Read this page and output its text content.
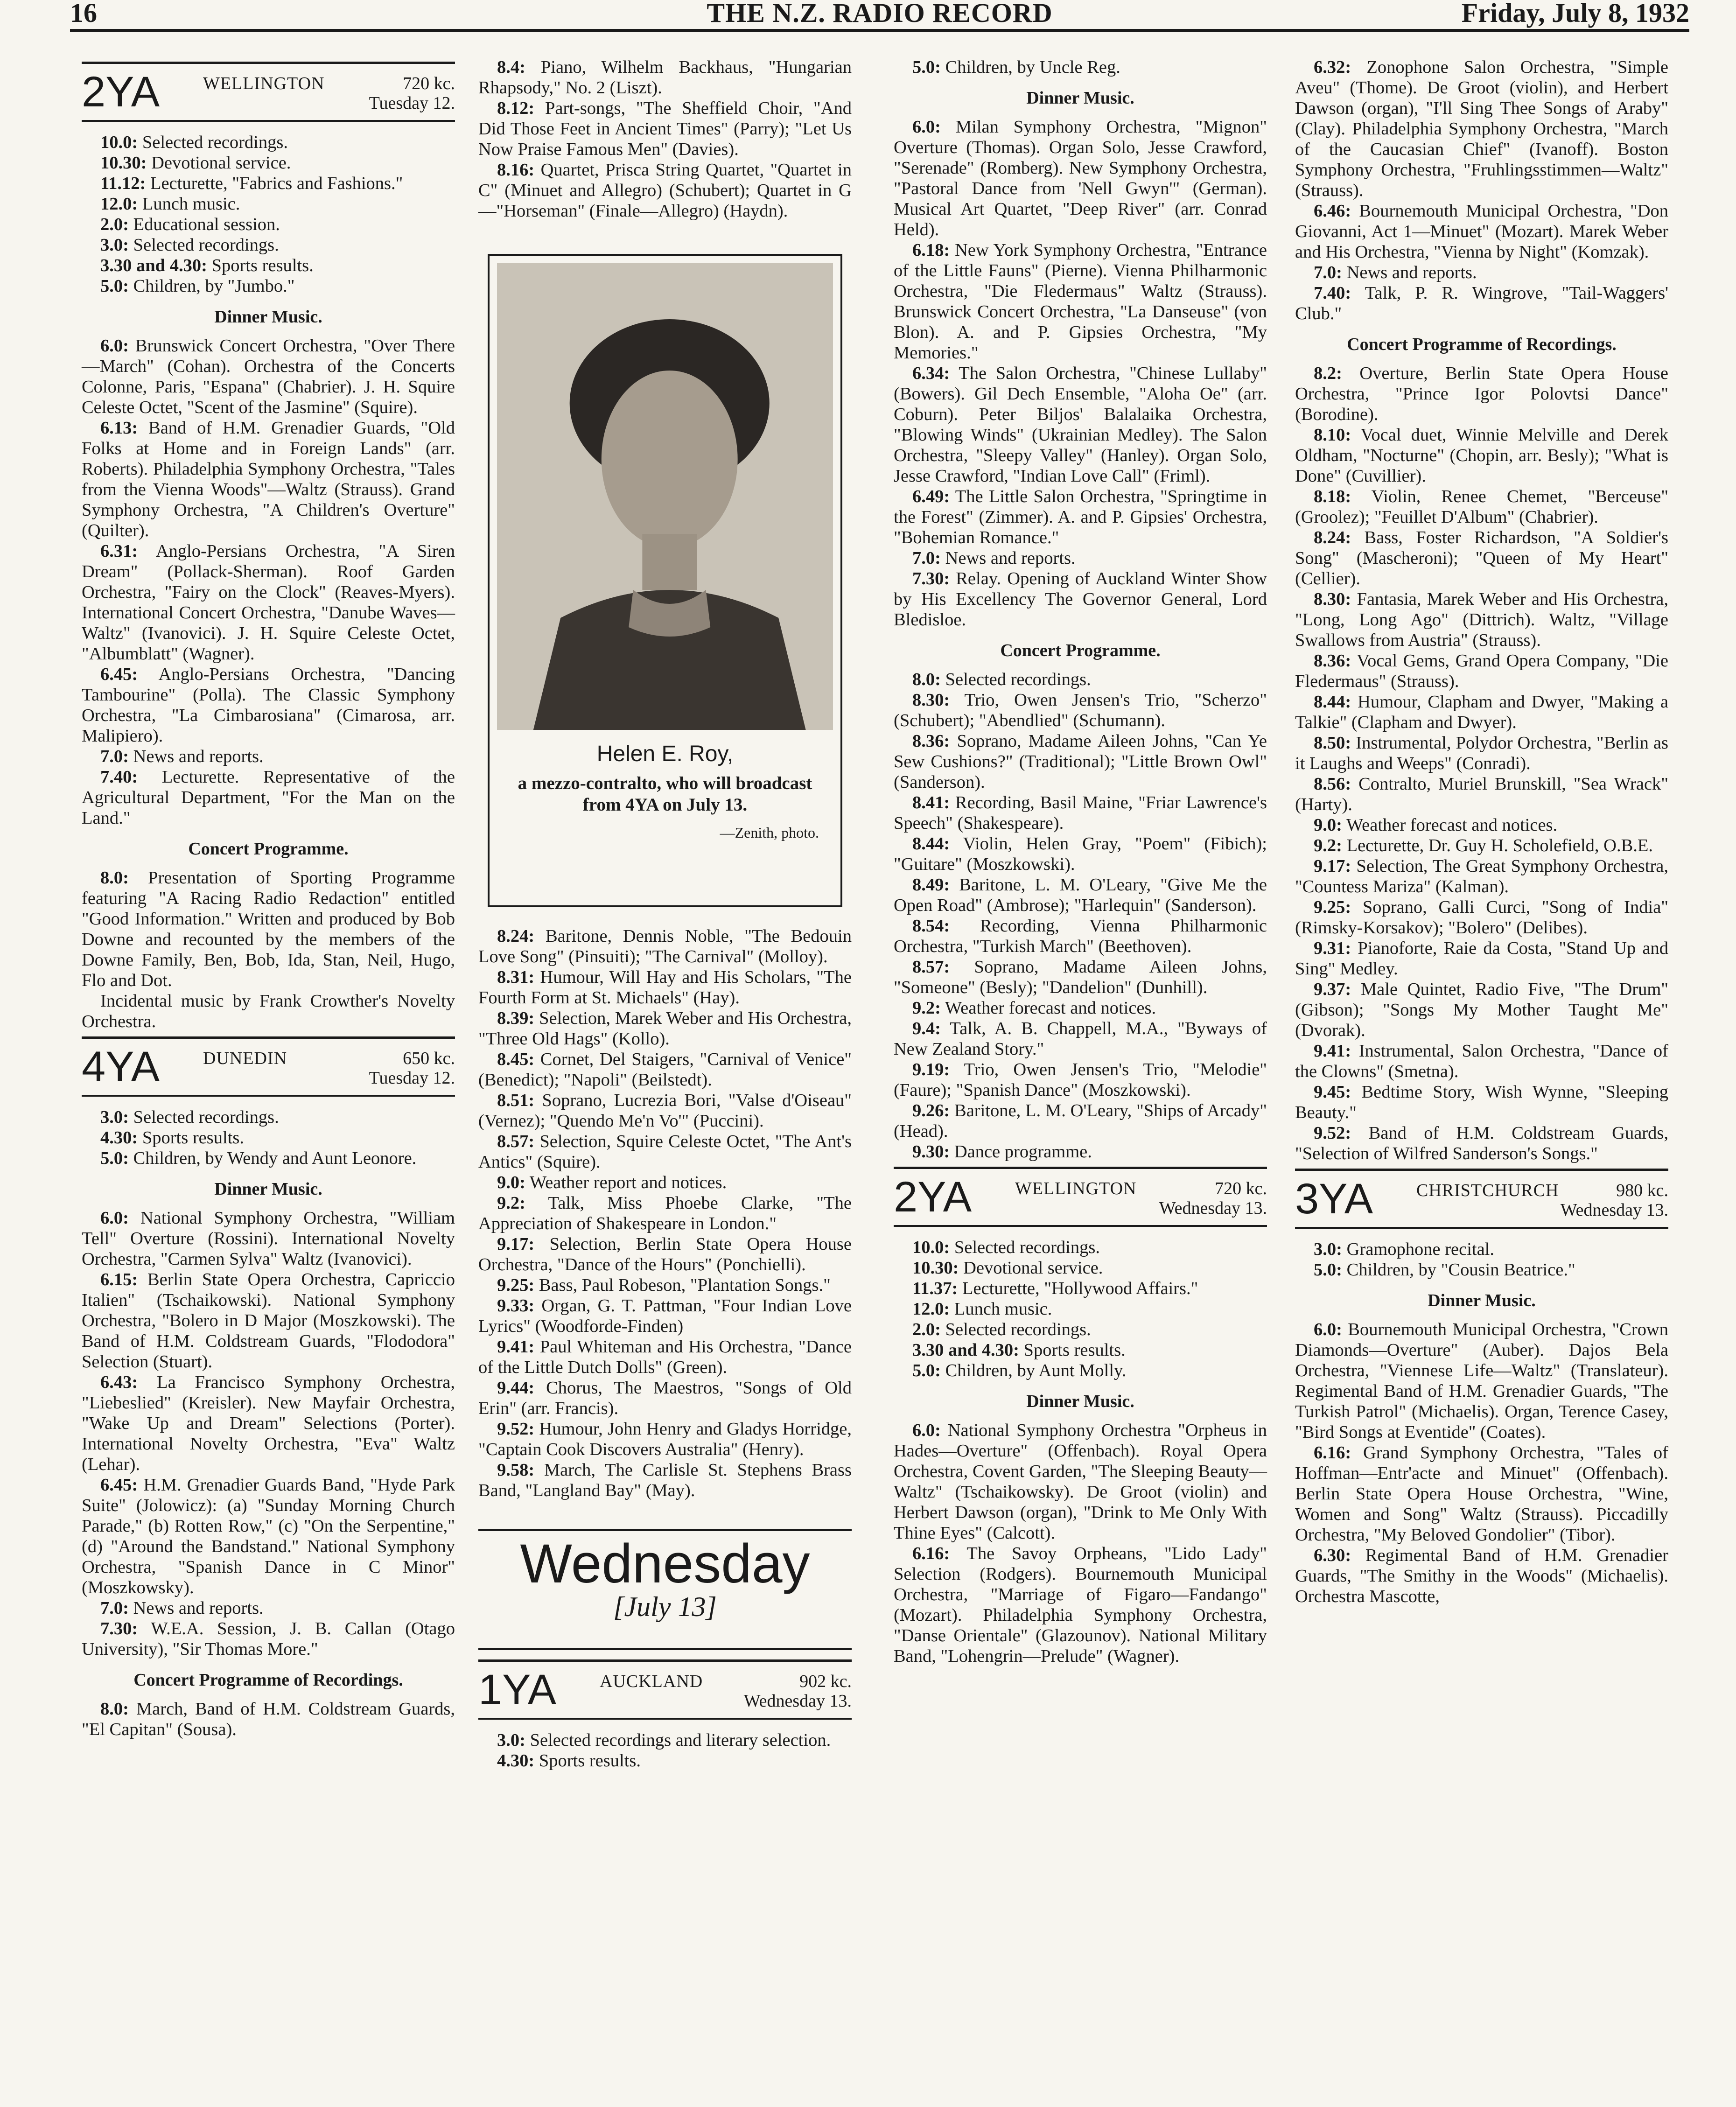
16	THE N.Z. RADIO RECORD	Friday, July 8, 1932
2YA WELLINGTON	720 kc.
Tuesday 12.

10.0: Selected recordings.

10.30: Devotional service.

11.12: Lecturette, "Fabrics and Fashions."

12.0: Lunch music.

2.0: Educational session.

3.0: Selected recordings.

3.30 and 4.30: Sports results.

5.0: Children, by "Jumbo."

Dinner Music.

6.0: Brunswick Concert Orchestra, "Over There—March" (Cohan). Orchestra of the Concerts Colonne, Paris, "Espana" (Chabrier). J. H. Squire Celeste Octet, "Scent of the Jasmine" (Squire).

6.13: Band of H.M. Grenadier Guards, "Old Folks at Home and in Foreign Lands" (arr. Roberts). Philadelphia Symphony Orchestra, "Tales from the Vienna Woods"—Waltz (Strauss). Grand Symphony Orchestra, "A Children's Overture" (Quilter).

6.31: Anglo-Persians Orchestra, "A Siren Dream" (Pollack-Sherman). Roof Garden Orchestra, "Fairy on the Clock" (Reaves-Myers). International Concert Orchestra, "Danube Waves—Waltz" (Ivanovici). J. H. Squire Celeste Octet, "Albumblatt" (Wagner).

6.45: Anglo-Persians Orchestra, "Dancing Tambourine" (Polla). The Classic Symphony Orchestra, "La Cimbarosiana" (Cimarosa, arr. Malipiero).

7.0: News and reports.

7.40: Lecturette. Representative of the Agricultural Department, "For the Man on the Land."

Concert Programme.

8.0: Presentation of Sporting Programme featuring "A Racing Radio Redaction" entitled "Good Information." Written and produced by Bob Downe and recounted by the members of the Downe Family, Ben, Bob, Ida, Stan, Neil, Hugo, Flo and Dot.

Incidental music by Frank Crowther's Novelty Orchestra.

4YA DUNEDIN	650 kc.
Tuesday 12.

3.0: Selected recordings.

4.30: Sports results.

5.0: Children, by Wendy and Aunt Leonore.

Dinner Music.

6.0: National Symphony Orchestra, "William Tell" Overture (Rossini). International Novelty Orchestra, "Carmen Sylva" Waltz (Ivanovici).

6.15: Berlin State Opera Orchestra, Capriccio Italien" (Tschaikowski). National Symphony Orchestra, "Bolero in D Major (Moszkowski). The Band of H.M. Coldstream Guards, "Flododora" Selection (Stuart).

6.43: La Francisco Symphony Orchestra, "Liebeslied" (Kreisler). New Mayfair Orchestra, "Wake Up and Dream" Selections (Porter). International Novelty Orchestra, "Eva" Waltz (Lehar).

6.45: H.M. Grenadier Guards Band, "Hyde Park Suite" (Jolowicz): (a) "Sunday Morning Church Parade," (b) Rotten Row," (c) "On the Serpentine," (d) "Around the Bandstand." National Symphony Orchestra, "Spanish Dance in C Minor" (Moszkowsky).

7.0: News and reports.

7.30: W.E.A. Session, J. B. Callan (Otago University), "Sir Thomas More."

Concert Programme of Recordings.

8.0: March, Band of H.M. Coldstream Guards, "El Capitan" (Sousa).

8.4: Piano, Wilhelm Backhaus, "Hungarian Rhapsody," No. 2 (Liszt).

8.12: Part-songs, "The Sheffield Choir, "And Did Those Feet in Ancient Times" (Parry); "Let Us Now Praise Famous Men" (Davies).

8.16: Quartet, Prisca String Quartet, "Quartet in C" (Minuet and Allegro) (Schubert); Quartet in G—"Horseman" (Finale—Allegro) (Haydn).

Helen E. Roy,
a mezzo-contralto, who will broadcast from 4YA on July 13.
—Zenith, photo.

8.24: Baritone, Dennis Noble, "The Bedouin Love Song" (Pinsuiti); "The Carnival" (Molloy).

8.31: Humour, Will Hay and His Scholars, "The Fourth Form at St. Michaels" (Hay).

8.39: Selection, Marek Weber and His Orchestra, "Three Old Hags" (Kollo).

8.45: Cornet, Del Staigers, "Carnival of Venice" (Benedict); "Napoli" (Beilstedt).

8.51: Soprano, Lucrezia Bori, "Valse d'Oiseau" (Vernez); "Quendo Me'n Vo'" (Puccini).

8.57: Selection, Squire Celeste Octet, "The Ant's Antics" (Squire).

9.0: Weather report and notices.

9.2: Talk, Miss Phoebe Clarke, "The Appreciation of Shakespeare in London."

9.17: Selection, Berlin State Opera House Orchestra, "Dance of the Hours" (Ponchielli).

9.25: Bass, Paul Robeson, "Plantation Songs."

9.33: Organ, G. T. Pattman, "Four Indian Love Lyrics" (Woodforde-Finden)

9.41: Paul Whiteman and His Orchestra, "Dance of the Little Dutch Dolls" (Green).

9.44: Chorus, The Maestros, "Songs of Old Erin" (arr. Francis).

9.52: Humour, John Henry and Gladys Horridge, "Captain Cook Discovers Australia" (Henry).

9.58: March, The Carlisle St. Stephens Brass Band, "Langland Bay" (May).

Wednesday
[July 13]
1YA AUCKLAND	902 kc.
Wednesday 13.

3.0: Selected recordings and literary selection.

4.30: Sports results.

5.0: Children, by Uncle Reg.

Dinner Music.

6.0: Milan Symphony Orchestra, "Mignon" Overture (Thomas). Organ Solo, Jesse Crawford, "Serenade" (Romberg). New Symphony Orchestra, "Pastoral Dance from 'Nell Gwyn'" (German). Musical Art Quartet, "Deep River" (arr. Conrad Held).

6.18: New York Symphony Orchestra, "Entrance of the Little Fauns" (Pierne). Vienna Philharmonic Orchestra, "Die Fledermaus" Waltz (Strauss). Brunswick Concert Orchestra, "La Danseuse" (von Blon). A. and P. Gipsies Orchestra, "My Memories."

6.34: The Salon Orchestra, "Chinese Lullaby" (Bowers). Gil Dech Ensemble, "Aloha Oe" (arr. Coburn). Peter Biljos' Balalaika Orchestra, "Blowing Winds" (Ukrainian Medley). The Salon Orchestra, "Sleepy Valley" (Hanley). Organ Solo, Jesse Crawford, "Indian Love Call" (Friml).

6.49: The Little Salon Orchestra, "Springtime in the Forest" (Zimmer). A. and P. Gipsies' Orchestra, "Bohemian Romance."

7.0: News and reports.

7.30: Relay. Opening of Auckland Winter Show by His Excellency The Governor General, Lord Bledisloe.

Concert Programme.

8.0: Selected recordings.

8.30: Trio, Owen Jensen's Trio, "Scherzo" (Schubert); "Abendlied" (Schumann).

8.36: Soprano, Madame Aileen Johns, "Can Ye Sew Cushions?" (Traditional); "Little Brown Owl" (Sanderson).

8.41: Recording, Basil Maine, "Friar Lawrence's Speech" (Shakespeare).

8.44: Violin, Helen Gray, "Poem" (Fibich); "Guitare" (Moszkowski).

8.49: Baritone, L. M. O'Leary, "Give Me the Open Road" (Ambrose); "Harlequin" (Sanderson).

8.54: Recording, Vienna Philharmonic Orchestra, "Turkish March" (Beethoven).

8.57: Soprano, Madame Aileen Johns, "Someone" (Besly); "Dandelion" (Dunhill).

9.2: Weather forecast and notices.

9.4: Talk, A. B. Chappell, M.A., "Byways of New Zealand Story."

9.19: Trio, Owen Jensen's Trio, "Melodie" (Faure); "Spanish Dance" (Moszkowski).

9.26: Baritone, L. M. O'Leary, "Ships of Arcady" (Head).

9.30: Dance programme.

2YA WELLINGTON	720 kc.
Wednesday 13.

10.0: Selected recordings.

10.30: Devotional service.

11.37: Lecturette, "Hollywood Affairs."

12.0: Lunch music.

2.0: Selected recordings.

3.30 and 4.30: Sports results.

5.0: Children, by Aunt Molly.

Dinner Music.

6.0: National Symphony Orchestra "Orpheus in Hades—Overture" (Offenbach). Royal Opera Orchestra, Covent Garden, "The Sleeping Beauty—Waltz" (Tschaikowsky). De Groot (violin) and Herbert Dawson (organ), "Drink to Me Only With Thine Eyes" (Calcott).

6.16: The Savoy Orpheans, "Lido Lady" Selection (Rodgers). Bournemouth Municipal Orchestra, "Marriage of Figaro—Fandango" (Mozart). Philadelphia Symphony Orchestra, "Danse Orientale" (Glazounov). National Military Band, "Lohengrin—Prelude" (Wagner).

6.32: Zonophone Salon Orchestra, "Simple Aveu" (Thome). De Groot (violin), and Herbert Dawson (organ), "I'll Sing Thee Songs of Araby" (Clay). Philadelphia Symphony Orchestra, "March of the Caucasian Chief" (Ivanoff). Boston Symphony Orchestra, "Fruhlingsstimmen—Waltz" (Strauss).

6.46: Bournemouth Municipal Orchestra, "Don Giovanni, Act 1—Minuet" (Mozart). Marek Weber and His Orchestra, "Vienna by Night" (Komzak).

7.0: News and reports.

7.40: Talk, P. R. Wingrove, "Tail-Waggers' Club."

Concert Programme of Recordings.

8.2: Overture, Berlin State Opera House Orchestra, "Prince Igor Polovtsi Dance" (Borodine).

8.10: Vocal duet, Winnie Melville and Derek Oldham, "Nocturne" (Chopin, arr. Besly); "What is Done" (Cuvillier).

8.18: Violin, Renee Chemet, "Berceuse" (Groolez); "Feuillet D'Album" (Chabrier).

8.24: Bass, Foster Richardson, "A Soldier's Song" (Mascheroni); "Queen of My Heart" (Cellier).

8.30: Fantasia, Marek Weber and His Orchestra, "Long, Long Ago" (Dittrich). Waltz, "Village Swallows from Austria" (Strauss).

8.36: Vocal Gems, Grand Opera Company, "Die Fledermaus" (Strauss).

8.44: Humour, Clapham and Dwyer, "Making a Talkie" (Clapham and Dwyer).

8.50: Instrumental, Polydor Orchestra, "Berlin as it Laughs and Weeps" (Conradi).

8.56: Contralto, Muriel Brunskill, "Sea Wrack" (Harty).

9.0: Weather forecast and notices.

9.2: Lecturette, Dr. Guy H. Scholefield, O.B.E.

9.17: Selection, The Great Symphony Orchestra, "Countess Mariza" (Kalman).

9.25: Soprano, Galli Curci, "Song of India" (Rimsky-Korsakov); "Bolero" (Delibes).

9.31: Pianoforte, Raie da Costa, "Stand Up and Sing" Medley.

9.37: Male Quintet, Radio Five, "The Drum" (Gibson); "Songs My Mother Taught Me" (Dvorak).

9.41: Instrumental, Salon Orchestra, "Dance of the Clowns" (Smetna).

9.45: Bedtime Story, Wish Wynne, "Sleeping Beauty."

9.52: Band of H.M. Coldstream Guards, "Selection of Wilfred Sanderson's Songs."

3YA CHRISTCHURCH	980 kc.
Wednesday 13.

3.0: Gramophone recital.

5.0: Children, by "Cousin Beatrice."

Dinner Music.

6.0: Bournemouth Municipal Orchestra, "Crown Diamonds—Overture" (Auber). Dajos Bela Orchestra, "Viennese Life—Waltz" (Translateur). Regimental Band of H.M. Grenadier Guards, "The Turkish Patrol" (Michaelis). Organ, Terence Casey, "Bird Songs at Eventide" (Coates).

6.16: Grand Symphony Orchestra, "Tales of Hoffman—Entr'acte and Minuet" (Offenbach). Berlin State Opera House Orchestra, "Wine, Women and Song" Waltz (Strauss). Piccadilly Orchestra, "My Beloved Gondolier" (Tibor).

6.30: Regimental Band of H.M. Grenadier Guards, "The Smithy in the Woods" (Michaelis). Orchestra Mascotte,
